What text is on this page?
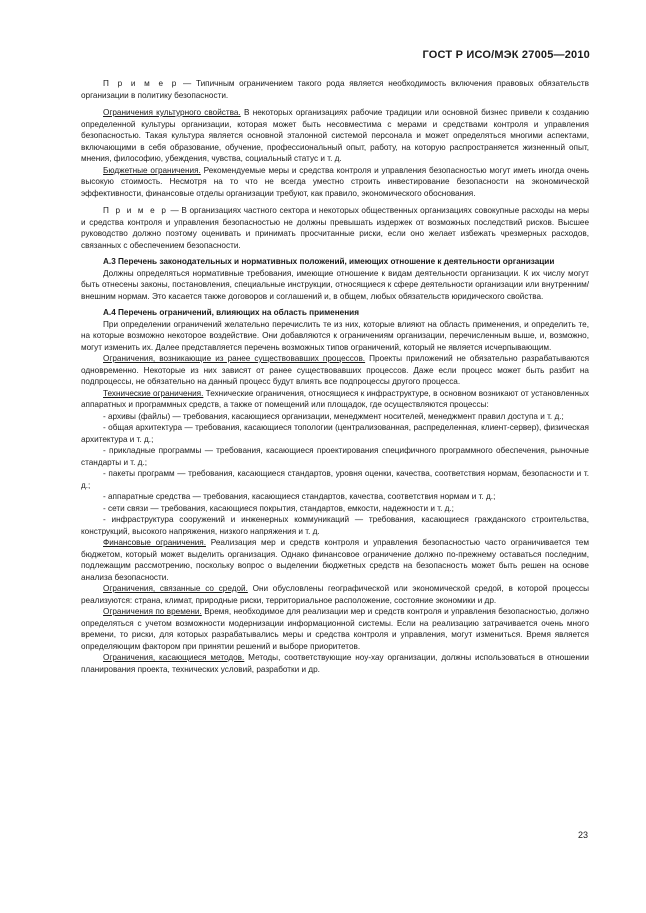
ГОСТ Р ИСО/МЭК 27005—2010

П р и м е р — Типичным ограничением такого рода является необходимость включения правовых обязательств организации в политику безопасности.

Ограничения культурного свойства. В некоторых организациях рабочие традиции или основной бизнес привели к созданию определенной культуры организации, которая может быть несовместима с мерами и средствами контроля и управления безопасностью. Такая культура является основной эталонной системой персонала и может определяться многими аспектами, включающими в себя образование, обучение, профессиональный опыт, работу, на которую распространяется жизненный опыт, мнения, философию, убеждения, чувства, социальный статус и т. д.

Бюджетные ограничения. Рекомендуемые меры и средства контроля и управления безопасностью могут иметь иногда очень высокую стоимость. Несмотря на то что не всегда уместно строить инвестирование безопасности на экономической эффективности, финансовые отделы организации требуют, как правило, экономического обоснования.

П р и м е р — В организациях частного сектора и некоторых общественных организациях совокупные расходы на меры и средства контроля и управления безопасностью не должны превышать издержек от возможных последствий рисков. Высшее руководство должно поэтому оценивать и принимать просчитанные риски, если оно желает избежать чрезмерных расходов, связанных с обеспечением безопасности.

А.3 Перечень законодательных и нормативных положений, имеющих отношение к деятельности организации

Должны определяться нормативные требования, имеющие отношение к видам деятельности организации. К их числу могут быть отнесены законы, постановления, специальные инструкции, относящиеся к сфере деятельности организации или внутренним/внешним нормам. Это касается также договоров и соглашений и, в общем, любых обязательств юридического свойства.

А.4 Перечень ограничений, влияющих на область применения

При определении ограничений желательно перечислить те из них, которые влияют на область применения, и определить те, на которые возможно некоторое воздействие. Они добавляются к ограничениям организации, перечисленным выше, и, возможно, могут изменить их. Далее представляется перечень возможных типов ограничений, который не является исчерпывающим.

Ограничения, возникающие из ранее существовавших процессов. Проекты приложений не обязательно разрабатываются одновременно. Некоторые из них зависят от ранее существовавших процессов. Даже если процесс может быть разбит на подпроцессы, не обязательно на данный процесс будут влиять все подпроцессы другого процесса.

Технические ограничения. Технические ограничения, относящиеся к инфраструктуре, в основном возникают от установленных аппаратных и программных средств, а также от помещений или площадок, где осуществляются процессы:

- архивы (файлы) — требования, касающиеся организации, менеджмент носителей, менеджмент правил доступа и т. д.;

- общая архитектура — требования, касающиеся топологии (централизованная, распределенная, клиент-сервер), физическая архитектура и т. д.;

- прикладные программы — требования, касающиеся проектирования специфичного программного обеспечения, рыночные стандарты и т. д.;

- пакеты программ — требования, касающиеся стандартов, уровня оценки, качества, соответствия нормам, безопасности и т. д.;

- аппаратные средства — требования, касающиеся стандартов, качества, соответствия нормам и т. д.;

- сети связи — требования, касающиеся покрытия, стандартов, емкости, надежности и т. д.;

- инфраструктура сооружений и инженерных коммуникаций — требования, касающиеся гражданского строительства, конструкций, высокого напряжения, низкого напряжения и т. д.

Финансовые ограничения. Реализация мер и средств контроля и управления безопасностью часто ограничивается тем бюджетом, который может выделить организация. Однако финансовое ограничение должно по-прежнему оставаться последним, подлежащим рассмотрению, поскольку вопрос о выделении бюджетных средств на безопасность может быть решен на основе анализа безопасности.

Ограничения, связанные со средой. Они обусловлены географической или экономической средой, в которой процессы реализуются: страна, климат, природные риски, территориальное расположение, состояние экономики и др.

Ограничения по времени. Время, необходимое для реализации мер и средств контроля и управления безопасностью, должно определяться с учетом возможности модернизации информационной системы. Если на реализацию затрачивается очень много времени, то риски, для которых разрабатывались меры и средства контроля и управления, могут измениться. Время является определяющим фактором при принятии решений и выборе приоритетов.

Ограничения, касающиеся методов. Методы, соответствующие ноу-хау организации, должны использоваться в отношении планирования проекта, технических условий, разработки и др.

23
